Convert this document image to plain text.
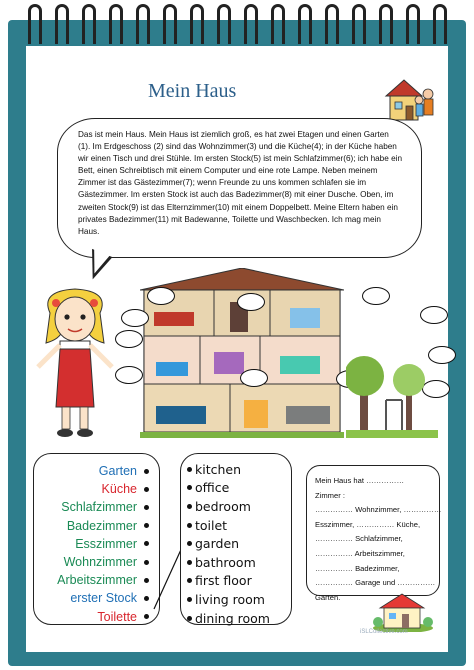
Mein Haus

Das ist mein Haus. Mein Haus ist ziemlich groß, es hat zwei Etagen und einen Garten (1). Im Erdgeschoss (2) sind das Wohnzimmer(3) und die Küche(4); in der Küche haben wir einen Tisch und drei Stühle. Im ersten Stock(5) ist mein Schlafzimmer(6); ich habe ein Bett, einen Schreibtisch mit einem Computer und eine rote Lampe. Neben meinem Zimmer ist das Gästezimmer(7); wenn Freunde zu uns kommen schlafen sie im Gästezimmer. Im ersten Stock ist auch das Badezimmer(8) mit einer Dusche. Oben, im zweiten Stock(9) ist das Elternzimmer(10) mit einem Doppelbett. Meine Eltern haben ein privates Badezimmer(11) mit Badewanne, Toilette und Waschbecken. Ich mag mein Haus.

Garten
Küche
Schlafzimmer
Badezimmer
Esszimmer
Wohnzimmer
Arbeitszimmer
erster Stock
Toilette
kitchen
office
bedroom
toilet
garden
bathroom
first floor
living room
dining room
Mein Haus hat ……………
Zimmer :
…………… Wohnzimmer, ……………
Esszimmer, …………… Küche,
…………… Schlafzimmer,
…………… Arbeitszimmer,
…………… Badezimmer,
…………… Garage und ……………
Garten.
iSLCollective.com
